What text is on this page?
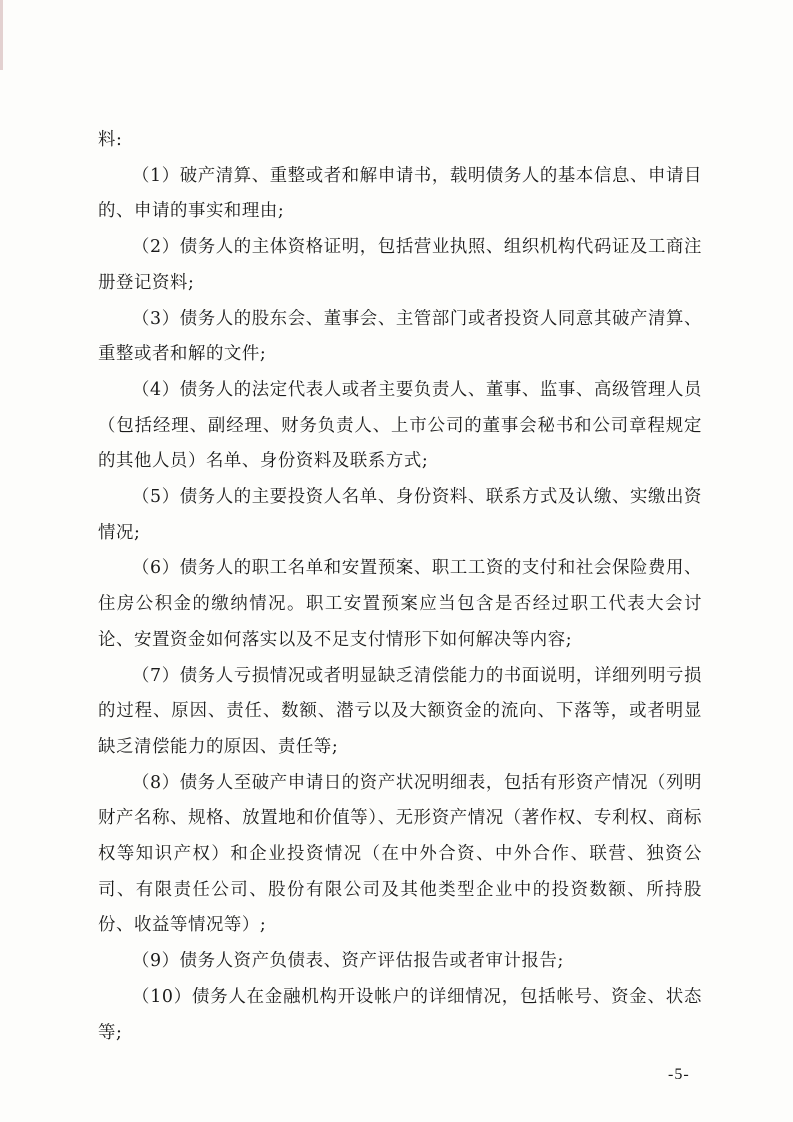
料:

（1）破产清算、重整或者和解申请书，载明债务人的基本信息、申请目的、申请的事实和理由;

（2）债务人的主体资格证明，包括营业执照、组织机构代码证及工商注册登记资料;

（3）债务人的股东会、董事会、主管部门或者投资人同意其破产清算、重整或者和解的文件;

（4）债务人的法定代表人或者主要负责人、董事、监事、高级管理人员（包括经理、副经理、财务负责人、上市公司的董事会秘书和公司章程规定的其他人员）名单、身份资料及联系方式;

（5）债务人的主要投资人名单、身份资料、联系方式及认缴、实缴出资情况;

（6）债务人的职工名单和安置预案、职工工资的支付和社会保险费用、住房公积金的缴纳情况。职工安置预案应当包含是否经过职工代表大会讨论、安置资金如何落实以及不足支付情形下如何解决等内容;

（7）债务人亏损情况或者明显缺乏清偿能力的书面说明，详细列明亏损的过程、原因、责任、数额、潜亏以及大额资金的流向、下落等，或者明显缺乏清偿能力的原因、责任等;

（8）债务人至破产申请日的资产状况明细表，包括有形资产情况（列明财产名称、规格、放置地和价值等）、无形资产情况（著作权、专利权、商标权等知识产权）和企业投资情况（在中外合资、中外合作、联营、独资公司、有限责任公司、股份有限公司及其他类型企业中的投资数额、所持股份、收益等情况等）;

（9）债务人资产负债表、资产评估报告或者审计报告;

（10）债务人在金融机构开设帐户的详细情况，包括帐号、资金、状态等;

-5-
